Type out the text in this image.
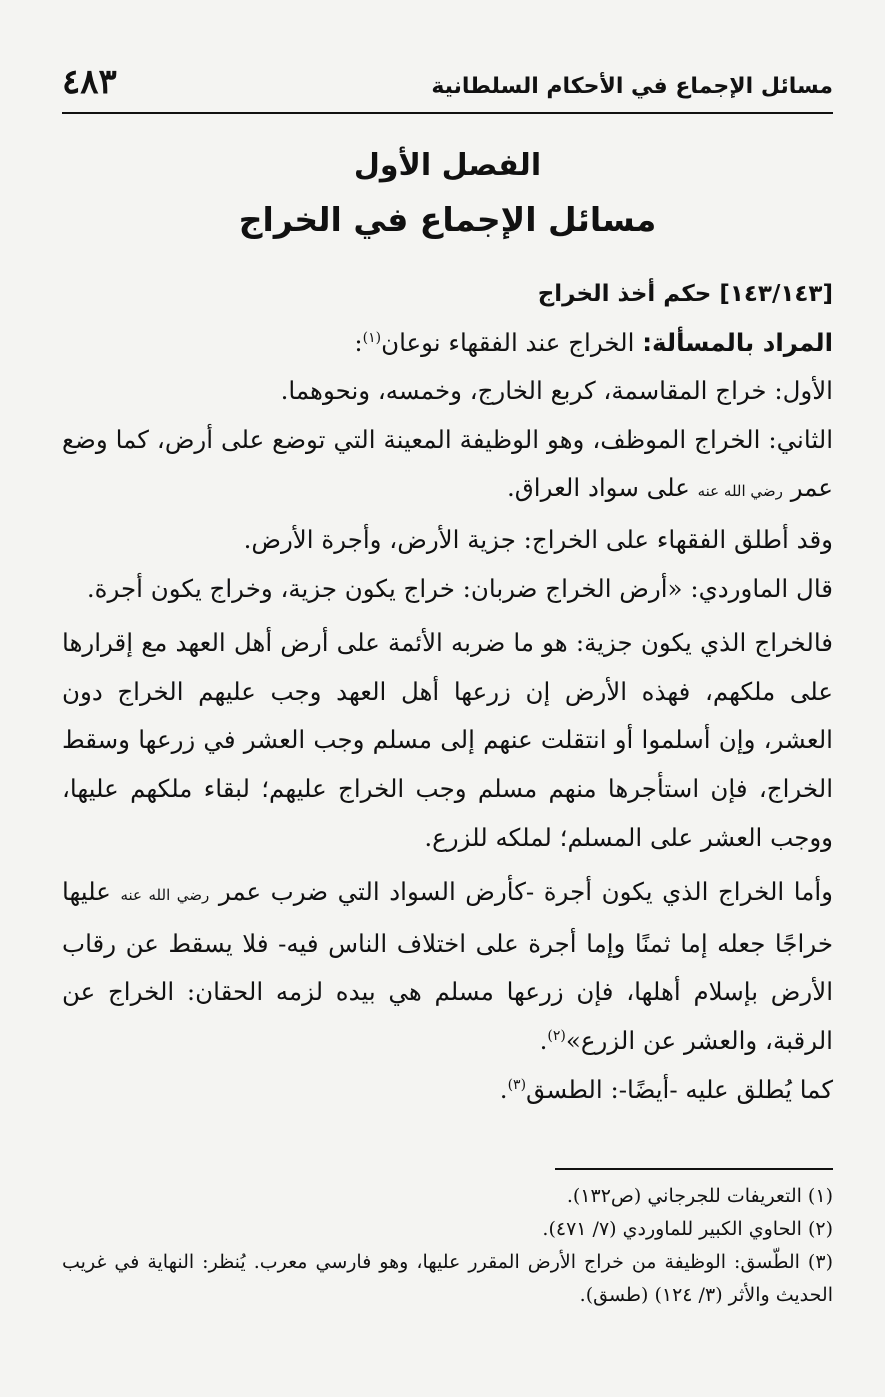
مسائل الإجماع في الأحكام السلطانية
٤٨٣
الفصل الأول
مسائل الإجماع في الخراج

[١٤٣/١٤٣] حكم أخذ الخراج

المراد بالمسألة: الخراج عند الفقهاء نوعان$^{(١)}$:

الأول: خراج المقاسمة، كربع الخارج، وخمسه، ونحوهما.

الثاني: الخراج الموظف، وهو الوظيفة المعينة التي توضع على أرض، كما وضع عمر رضي الله عنه على سواد العراق.

وقد أطلق الفقهاء على الخراج: جزية الأرض، وأجرة الأرض.

قال الماوردي: «أرض الخراج ضربان: خراج يكون جزية، وخراج يكون أجرة.

فالخراج الذي يكون جزية: هو ما ضربه الأئمة على أرض أهل العهد مع إقرارها على ملكهم، فهذه الأرض إن زرعها أهل العهد وجب عليهم الخراج دون العشر، وإن أسلموا أو انتقلت عنهم إلى مسلم وجب العشر في زرعها وسقط الخراج، فإن استأجرها منهم مسلم وجب الخراج عليهم؛ لبقاء ملكهم عليها، ووجب العشر على المسلم؛ لملكه للزرع.

وأما الخراج الذي يكون أجرة -كأرض السواد التي ضرب عمر رضي الله عنه عليها خراجًا جعله إما ثمنًا وإما أجرة على اختلاف الناس فيه- فلا يسقط عن رقاب الأرض بإسلام أهلها، فإن زرعها مسلم هي بيده لزمه الحقان: الخراج عن الرقبة، والعشر عن الزرع»$^{(٢)}$.

كما يُطلق عليه -أيضًا-: الطسق$^{(٣)}$.

(١) التعريفات للجرجاني (ص١٣٢).

(٢) الحاوي الكبير للماوردي (٧/ ٤٧١).

(٣) الطّسق: الوظيفة من خراج الأرض المقرر عليها، وهو فارسي معرب. يُنظر: النهاية في غريب الحديث والأثر (٣/ ١٢٤) (طسق).
